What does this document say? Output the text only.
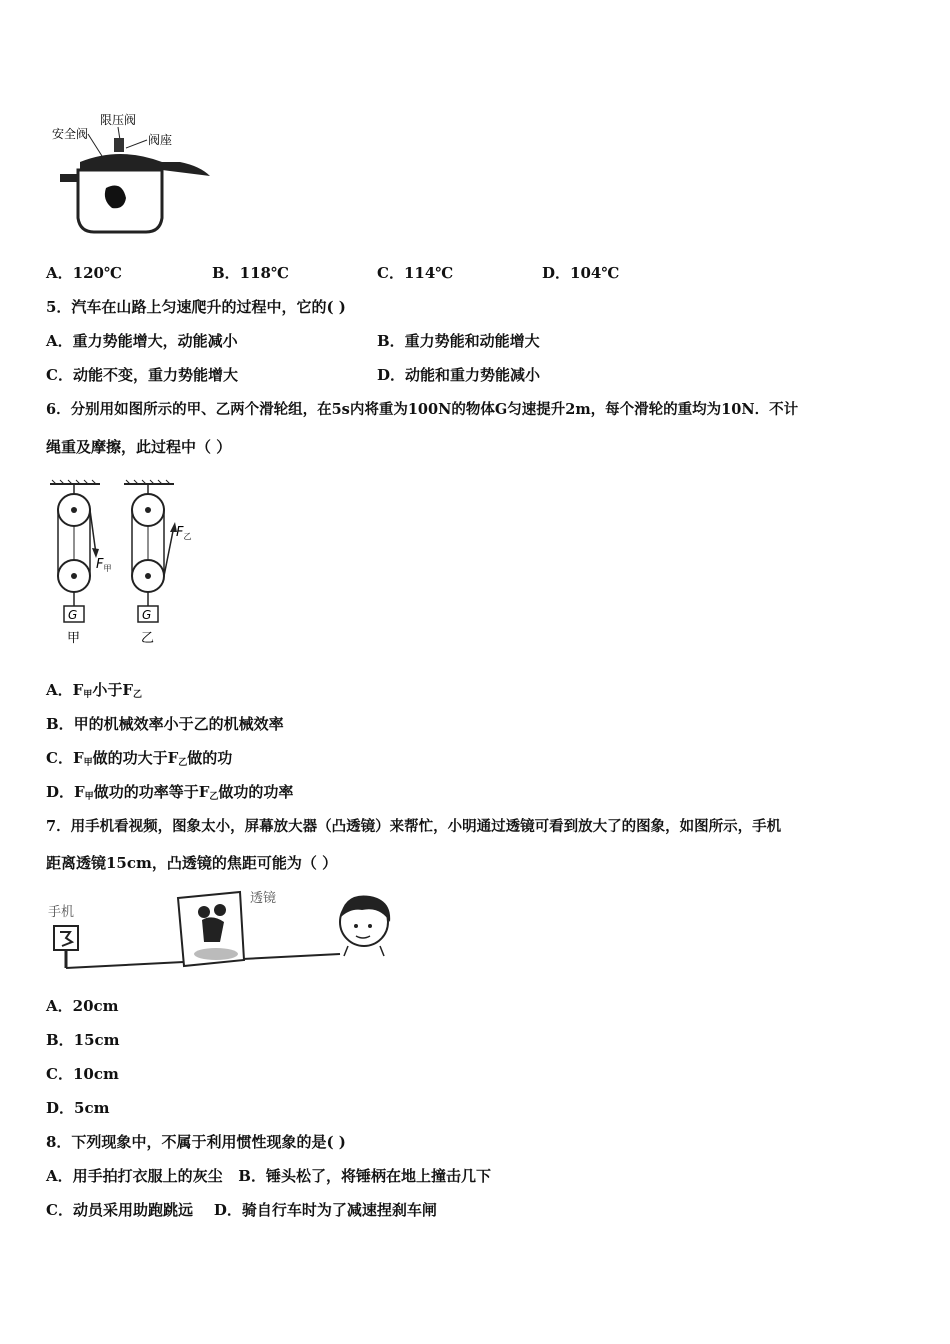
安全阀
限压阀
阀座
A．120℃	B．118℃	C．114℃	D．104℃
5．汽车在山路上匀速爬升的过程中，它的( )
A．重力势能增大，动能减小	B．重力势能和动能增大
C．动能不变，重力势能增大	D．动能和重力势能减小
6．分别用如图所示的甲、乙两个滑轮组，在5s内将重为100N的物体G匀速提升2m，每个滑轮的重均为10N．不计
绳重及摩擦，此过程中（ ）
G
甲
$F_甲$
G
乙
$F_乙$
A．$F_甲$小于$F_乙$
B．甲的机械效率小于乙的机械效率
C．$F_甲$做的功大于$F_乙$做的功
D．$F_甲$做功的功率等于$F_乙$做功的功率
7．用手机看视频，图象太小，屏幕放大器（凸透镜）来帮忙，小明通过透镜可看到放大了的图象，如图所示，手机
距离透镜15cm，凸透镜的焦距可能为（ ）
手机
透镜
A．20cm
B．15cm
C．10cm
D．5cm
8．下列现象中，不属于利用惯性现象的是( )
A．用手拍打衣服上的灰尘   B．锤头松了，将锤柄在地上撞击几下
C．动员采用助跑跳远    D．骑自行车时为了减速捏刹车闸
